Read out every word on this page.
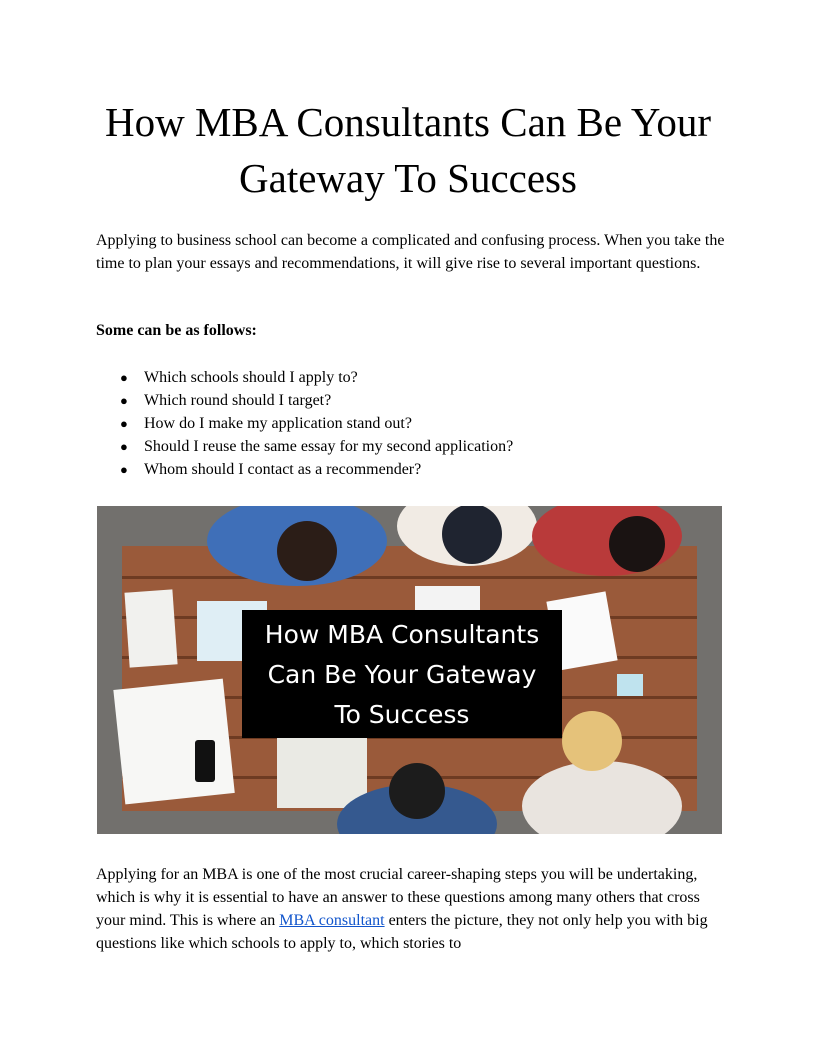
How MBA Consultants Can Be Your
Gateway To Success

Applying to business school can become a complicated and confusing process. When you take the time to plan your essays and recommendations, it will give rise to several important questions.

Some can be as follows:

● Which schools should I apply to?
● Which round should I target?
● How do I make my application stand out?
● Should I reuse the same essay for my second application?
● Whom should I contact as a recommender?
How MBA Consultants
Can Be Your Gateway
To Success

Applying for an MBA is one of the most crucial career-shaping steps you will be undertaking, which is why it is essential to have an answer to these questions among many others that cross your mind. This is where an MBA consultant enters the picture, they not only help you with big questions like which schools to apply to, which stories to
